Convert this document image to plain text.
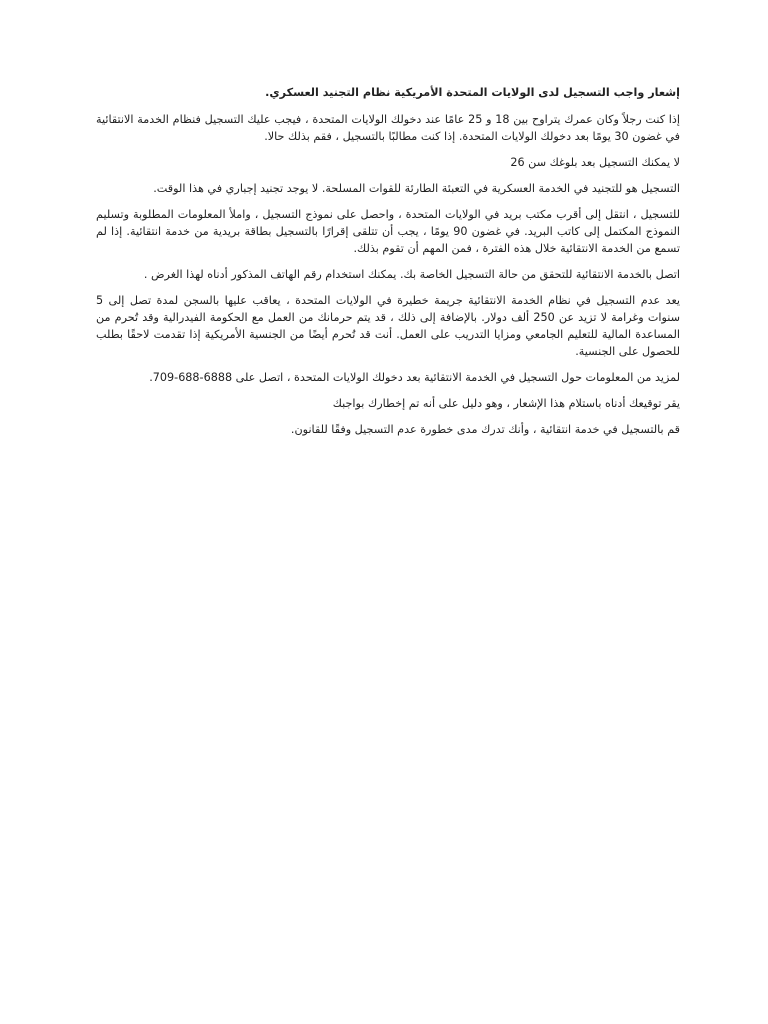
إشعار واجب التسجيل لدى الولايات المتحدة الأمريكية نظام التجنيد العسكري.

إذا كنت رجلاً وكان عمرك يتراوح بين 18 و 25 عامًا عند دخولك الولايات المتحدة ، فيجب عليك التسجيل فنظام الخدمة الانتقائية في غضون 30 يومًا بعد دخولك الولايات المتحدة. إذا كنت مطالبًا بالتسجيل ، فقم بذلك حالا.

لا يمكنك التسجيل بعد بلوغك سن 26

التسجيل هو للتجنيد في الخدمة العسكرية في التعبئة الطارئة للقوات المسلحة. لا يوجد تجنيد إجباري في هذا الوقت.

للتسجيل ، انتقل إلى أقرب مكتب بريد في الولايات المتحدة ، واحصل على نموذج التسجيل ، واملأ المعلومات المطلوبة وتسليم النموذج المكتمل إلى كاتب البريد. في غضون 90 يومًا ، يجب أن تتلقى إقرارًا بالتسجيل بطاقة بريدية من خدمة انتقائية. إذا لم تسمع من الخدمة الانتقائية خلال هذه الفترة ، فمن المهم أن تقوم بذلك.

اتصل بالخدمة الانتقائية للتحقق من حالة التسجيل الخاصة بك. يمكنك استخدام رقم الهاتف المذكور أدناه لهذا الغرض .

يعد عدم التسجيل في نظام الخدمة الانتقائية جريمة خطيرة في الولايات المتحدة ، يعاقب عليها بالسجن لمدة تصل إلى 5 سنوات وغرامة لا تزيد عن 250 ألف دولار. بالإضافة إلى ذلك ، قد يتم حرمانك من العمل مع الحكومة الفيدرالية وقد تُحرم من المساعدة المالية للتعليم الجامعي ومزايا التدريب على العمل. أنت قد تُحرم أيضًا من الجنسية الأمريكية إذا تقدمت لاحقًا بطلب للحصول على الجنسية.

لمزيد من المعلومات حول التسجيل في الخدمة الانتقائية بعد دخولك الولايات المتحدة ، اتصل على 6888-688-709.

يقر توقيعك أدناه باستلام هذا الإشعار ، وهو دليل على أنه تم إخطارك بواجبك

قم بالتسجيل في خدمة انتقائية ، وأنك تدرك مدى خطورة عدم التسجيل وفقًا للقانون.
